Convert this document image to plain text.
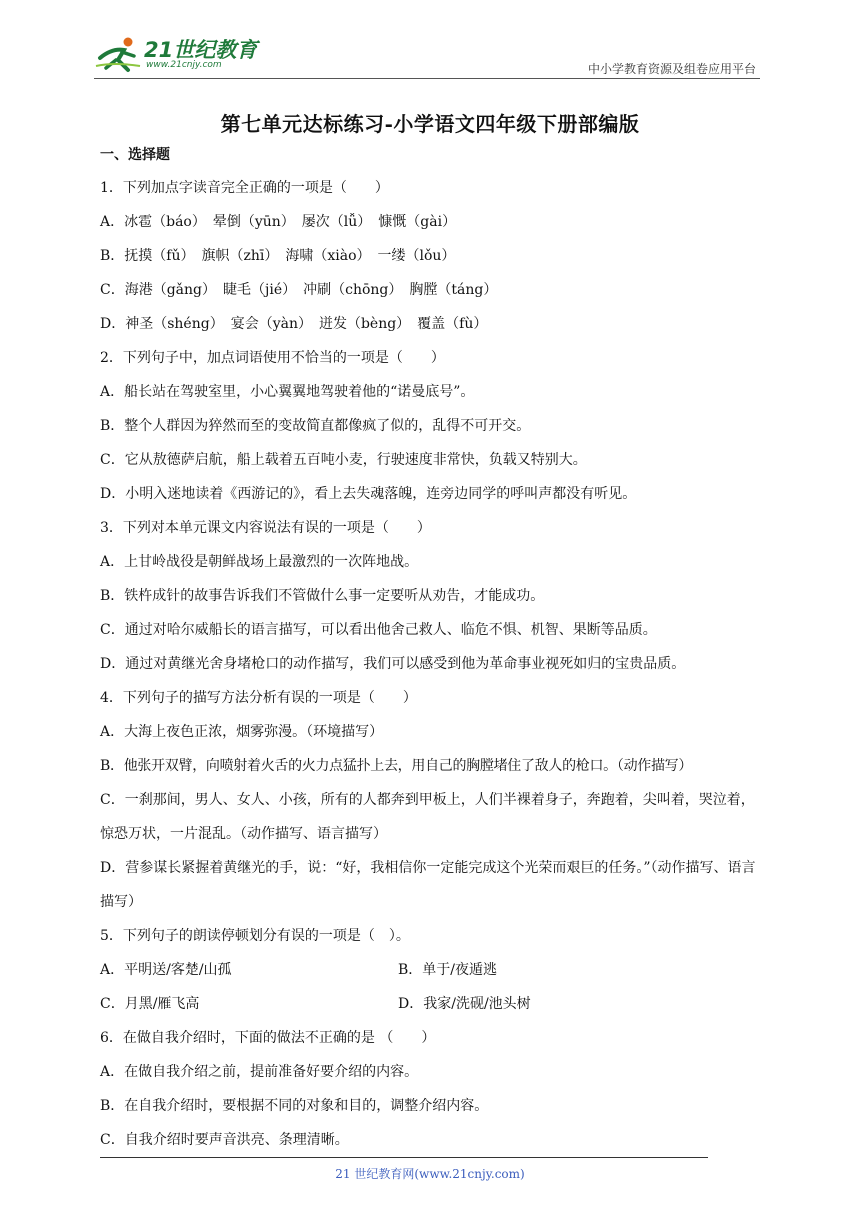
21世纪教育
www.21cnjy.com	中小学教育资源及组卷应用平台
第七单元达标练习-小学语文四年级下册部编版
一、选择题
1．下列加点字读音完全正确的一项是（　　）
A．冰雹（báo）　晕倒（yūn）　屡次（lǚ）　慷慨（gài）
B．抚摸（fǔ）　旗帜（zhī）　海啸（xiào）　一缕（lǒu）
C．海港（gǎng）　睫毛（jié）　冲刷（chōng）　胸膛（táng）
D．神圣（shéng）　宴会（yàn）　迸发（bèng）　覆盖（fù）
2．下列句子中，加点词语使用不恰当的一项是（　　）
A．船长站在驾驶室里，小心翼翼地驾驶着他的“诺曼底号”。
B．整个人群因为猝然而至的变故简直都像疯了似的，乱得不可开交。
C．它从敖德萨启航，船上载着五百吨小麦，行驶速度非常快，负载又特别大。
D．小明入迷地读着《西游记的》，看上去失魂落魄，连旁边同学的呼叫声都没有听见。
3．下列对本单元课文内容说法有误的一项是（　　）
A．上甘岭战役是朝鲜战场上最激烈的一次阵地战。
B．铁杵成针的故事告诉我们不管做什么事一定要听从劝告，才能成功。
C．通过对哈尔威船长的语言描写，可以看出他舍己救人、临危不惧、机智、果断等品质。
D．通过对黄继光舍身堵枪口的动作描写，我们可以感受到他为革命事业视死如归的宝贵品质。
4．下列句子的描写方法分析有误的一项是（　　）
A．大海上夜色正浓，烟雾弥漫。（环境描写）
B．他张开双臂，向喷射着火舌的火力点猛扑上去，用自己的胸膛堵住了敌人的枪口。（动作描写）
C．一刹那间，男人、女人、小孩，所有的人都奔到甲板上，人们半裸着身子，奔跑着，尖叫着，哭泣着，惊恐万状，一片混乱。（动作描写、语言描写）
D．营参谋长紧握着黄继光的手，说：“好，我相信你一定能完成这个光荣而艰巨的任务。”（动作描写、语言描写）
5．下列句子的朗读停顿划分有误的一项是（　）。
A．平明送/客楚/山孤	B．单于/夜遁逃
C．月黑/雁飞高	D．我家/洗砚/池头树
6．在做自我介绍时，下面的做法不正确的是 （　　）
A．在做自我介绍之前，提前准备好要介绍的内容。
B．在自我介绍时，要根据不同的对象和目的，调整介绍内容。
C．自我介绍时要声音洪亮、条理清晰。
21 世纪教育网(www.21cnjy.com)
